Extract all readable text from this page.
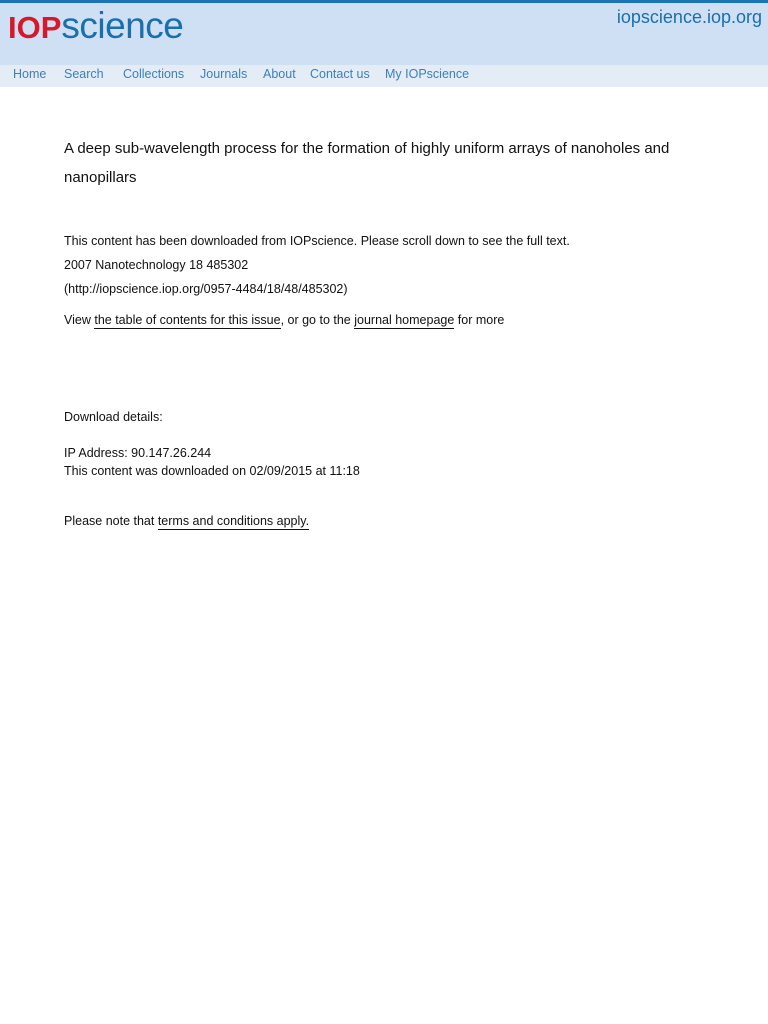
IOP science	iopscience.iop.org
Home Search Collections Journals About Contact us My IOPscience

A deep sub-wavelength process for the formation of highly uniform arrays of nanoholes and nanopillars

This content has been downloaded from IOPscience. Please scroll down to see the full text.
2007 Nanotechnology 18 485302
(http://iopscience.iop.org/0957-4484/18/48/485302)
View the table of contents for this issue, or go to the journal homepage for more
Download details:
IP Address: 90.147.26.244
This content was downloaded on 02/09/2015 at 11:18
Please note that terms and conditions apply.
